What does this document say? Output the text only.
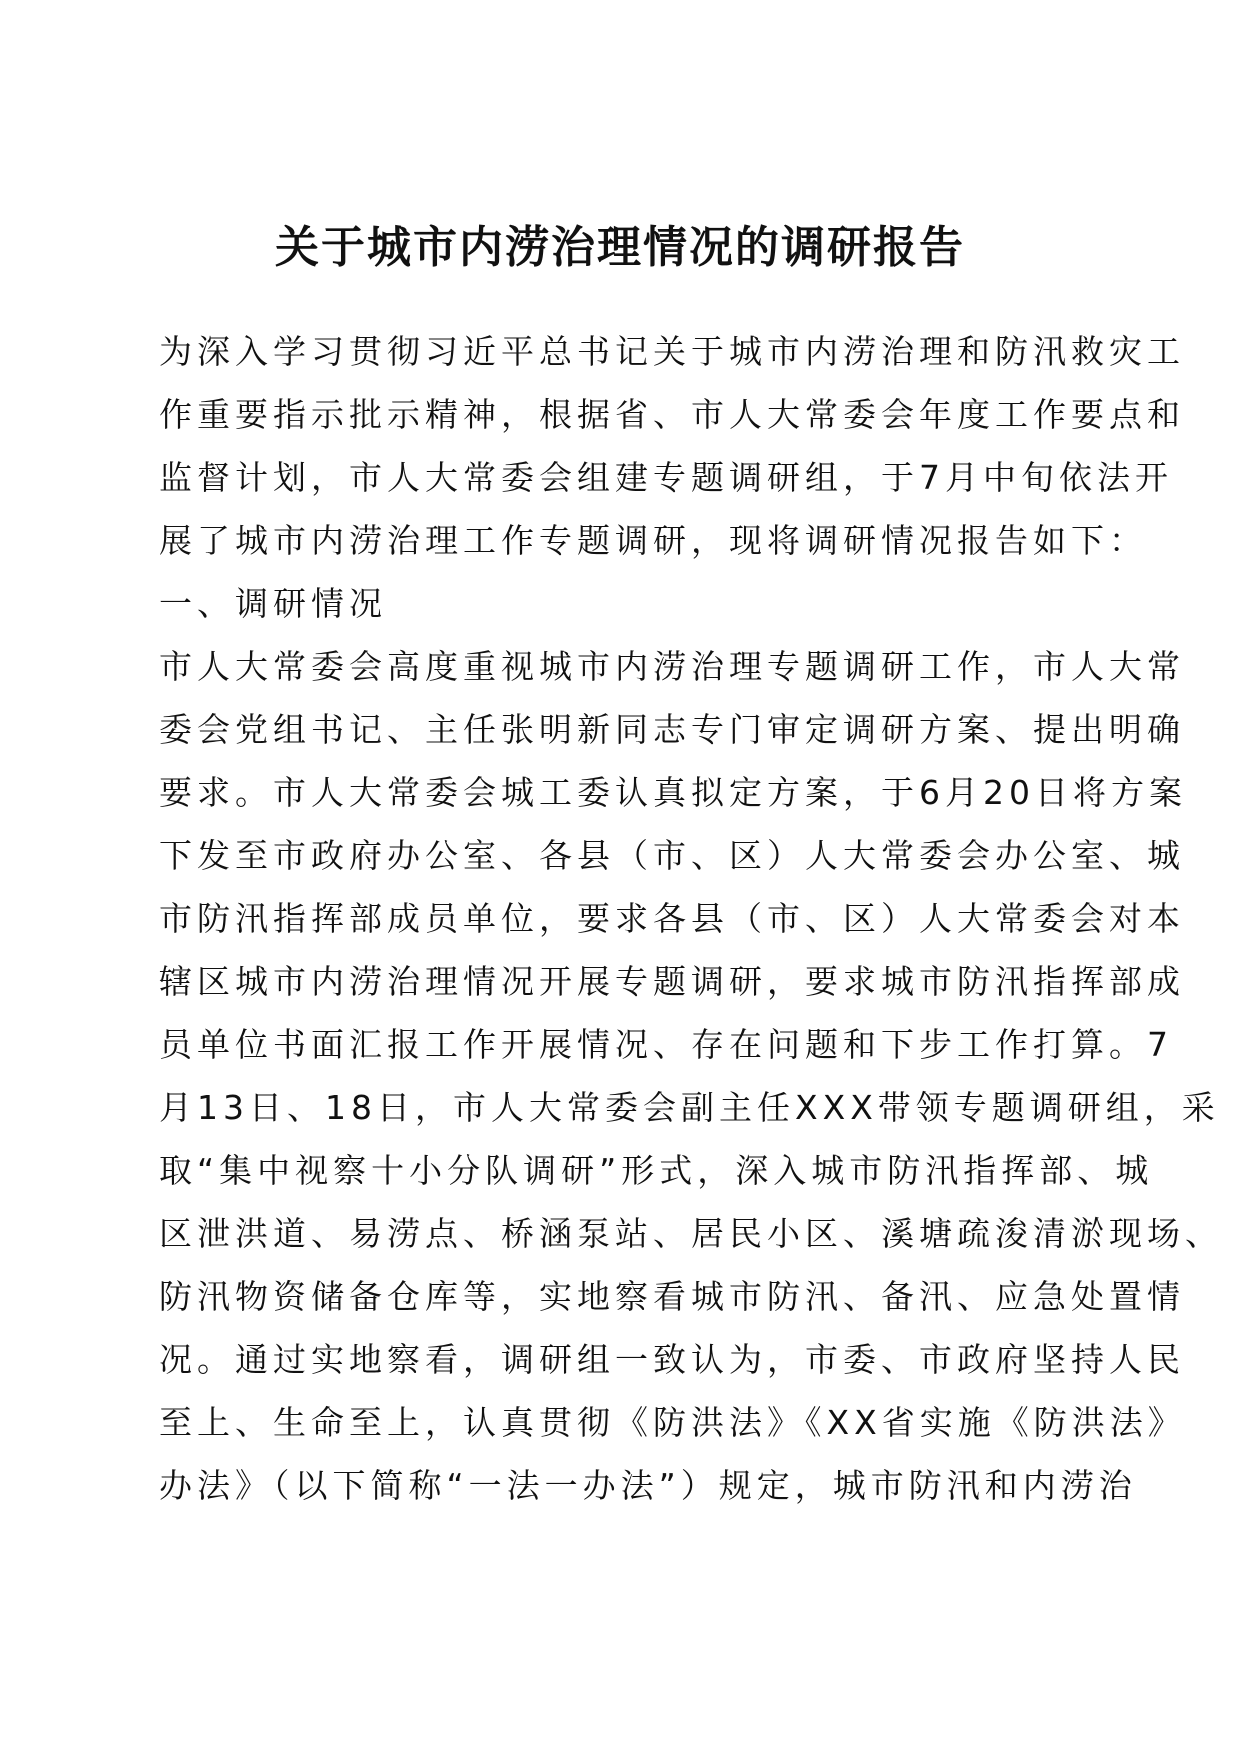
关于城市内涝治理情况的调研报告
为深入学习贯彻习近平总书记关于城市内涝治理和防汛救灾工
作重要指示批示精神，根据省、市人大常委会年度工作要点和
监督计划，市人大常委会组建专题调研组，于7月中旬依法开
展了城市内涝治理工作专题调研，现将调研情况报告如下：
一、调研情况
市人大常委会高度重视城市内涝治理专题调研工作，市人大常
委会党组书记、主任张明新同志专门审定调研方案、提出明确
要求。市人大常委会城工委认真拟定方案，于6月20日将方案
下发至市政府办公室、各县（市、区）人大常委会办公室、城
市防汛指挥部成员单位，要求各县（市、区）人大常委会对本
辖区城市内涝治理情况开展专题调研，要求城市防汛指挥部成
员单位书面汇报工作开展情况、存在问题和下步工作打算。7
月13日、18日，市人大常委会副主任XXX带领专题调研组，采
取“集中视察十小分队调研”形式，深入城市防汛指挥部、城
区泄洪道、易涝点、桥涵泵站、居民小区、溪塘疏浚清淤现场、
防汛物资储备仓库等，实地察看城市防汛、备汛、应急处置情
况。通过实地察看，调研组一致认为，市委、市政府坚持人民
至上、生命至上，认真贯彻《防洪法》《XX省实施《防洪法》
办法》（以下简称“一法一办法”）规定，城市防汛和内涝治
